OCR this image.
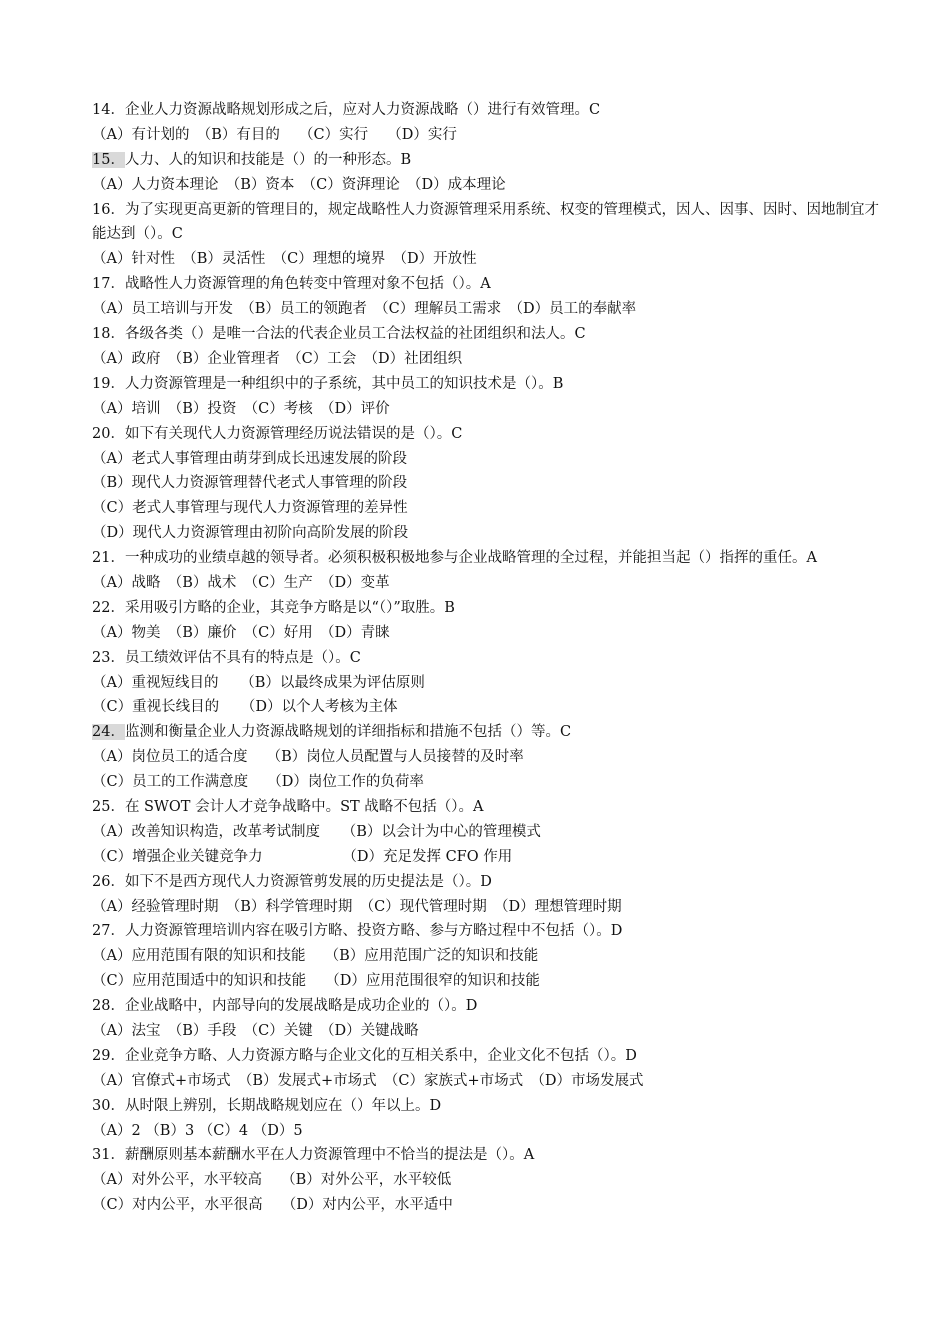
14．企业人力资源战略规划形成之后，应对人力资源战略（）进行有效管理。C
（A）有计划的　（B）有目的　 （C）实行　 （D）实行
15．人力、人的知识和技能是（）的一种形态。B
（A）人力资本理论　（B）资本　（C）资湃理论　（D）成本理论
16．为了实现更高更新的管理目的，规定战略性人力资源管理采用系统、权变的管理模式，因人、因事、因时、因地制宜才能达到（）。C
（A）针对性　（B）灵活性　（C）理想的境界　（D）开放性
17．战略性人力资源管理的角色转变中管理对象不包括（）。A
（A）员工培训与开发　（B）员工的领跑者　（C）理解员工需求　（D）员工的奉献率
18．各级各类（）是唯一合法的代表企业员工合法权益的社团组织和法人。C
（A）政府　（B）企业管理者　（C）工会　（D）社团组织
19．人力资源管理是一种组织中的子系统，其中员工的知识技术是（）。B
（A）培训　（B）投资　（C）考核　（D）评价
20．如下有关现代人力资源管理经历说法错误的是（）。C
（A）老式人事管理由萌芽到成长迅速发展的阶段
（B）现代人力资源管理替代老式人事管理的阶段
（C）老式人事管理与现代人力资源管理的差异性
（D）现代人力资源管理由初阶向高阶发展的阶段
21．一种成功的业绩卓越的领导者。必须积极积极地参与企业战略管理的全过程，并能担当起（）指挥的重任。A
（A）战略　（B）战术　（C）生产　（D）变革
22．采用吸引方略的企业，其竞争方略是以“（）”取胜。B
（A）物美　（B）廉价　（C）好用　（D）青睐
23．员工绩效评估不具有的特点是（）。C
（A）重视短线目的　　（B）以最终成果为评估原则
（C）重视长线目的　　（D）以个人考核为主体
24．监测和衡量企业人力资源战略规划的详细指标和措施不包括（）等。C
（A）岗位员工的适合度　 （B）岗位人员配置与人员接替的及时率
（C）员工的工作满意度　 （D）岗位工作的负荷率
25．在 SWOT 会计人才竞争战略中。ST 战略不包括（）。A
（A）改善知识构造，改革考试制度　　（B）以会计为中心的管理模式
（C）增强企业关键竞争力　　　　　　（D）充足发挥 CFO 作用
26．如下不是西方现代人力资源管剪发展的历史提法是（）。D
（A）经验管理时期　（B）科学管理时期　（C）现代管理时期　（D）理想管理时期
27．人力资源管理培训内容在吸引方略、投资方略、参与方略过程中不包括（）。D
（A）应用范围有限的知识和技能　 （B）应用范围广泛的知识和技能
（C）应用范围适中的知识和技能　 （D）应用范围很窄的知识和技能
28．企业战略中，内部导向的发展战略是成功企业的（）。D
（A）法宝　（B）手段　（C）关键　（D）关键战略
29．企业竞争方略、人力资源方略与企业文化的互相关系中，企业文化不包括（）。D
（A）官僚式+市场式　（B）发展式+市场式　（C）家族式+市场式　（D）市场发展式
30．从时限上辨别，长期战略规划应在（）年以上。D
（A）2 （B）3 （C）4 （D）5
31．薪酬原则基本薪酬水平在人力资源管理中不恰当的提法是（）。A
（A）对外公平，水平较高　 （B）对外公平，水平较低
（C）对内公平，水平很高　 （D）对内公平，水平适中
